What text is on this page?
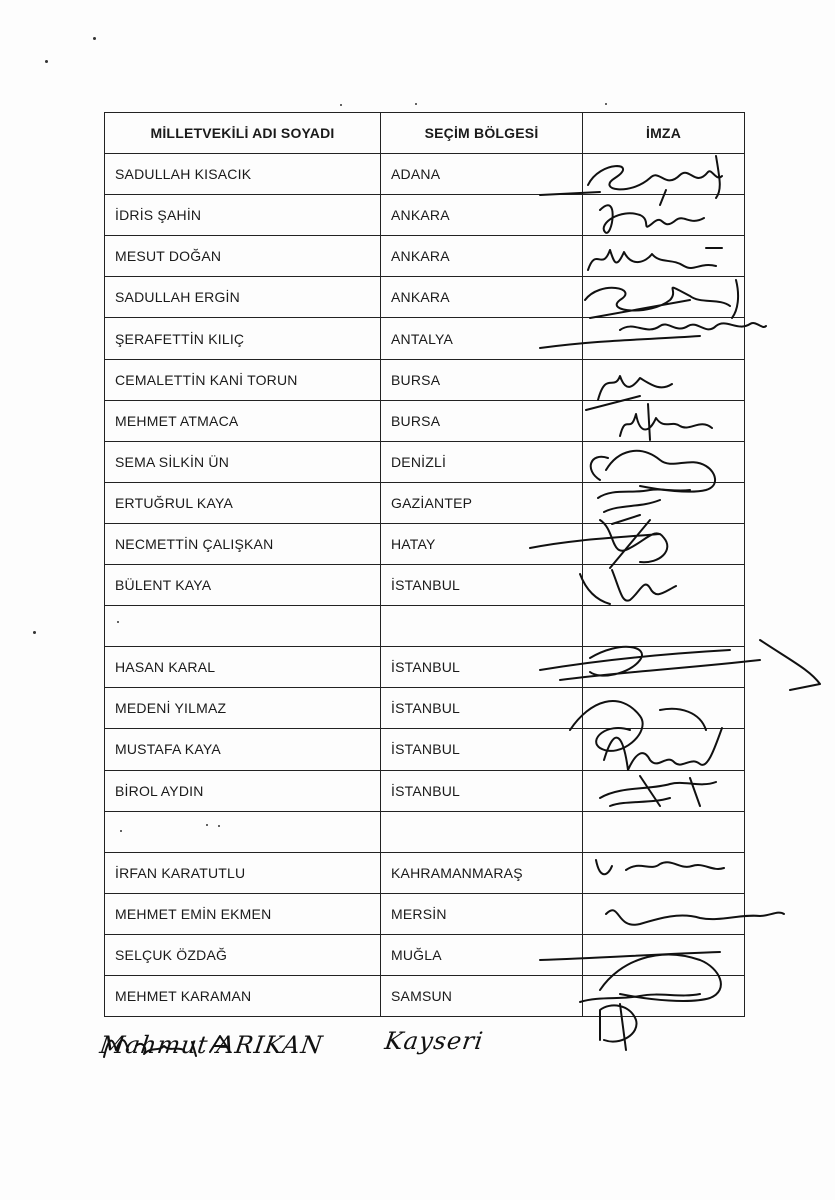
MİLLETVEKİLİ ADI SOYADI	SEÇİM BÖLGESİ	İMZA
SADULLAH KISACIK	ADANA	
İDRİS ŞAHİN	ANKARA	
MESUT DOĞAN	ANKARA	
SADULLAH ERGİN	ANKARA	
ŞERAFETTİN KILIÇ	ANTALYA	
CEMALETTİN KANİ TORUN	BURSA	
MEHMET ATMACA	BURSA	
SEMA SİLKİN ÜN	DENİZLİ	
ERTUĞRUL KAYA	GAZİANTEP	
NECMETTİN ÇALIŞKAN	HATAY	
BÜLENT KAYA	İSTANBUL	

HASAN KARAL	İSTANBUL	
MEDENİ YILMAZ	İSTANBUL	
MUSTAFA KAYA	İSTANBUL	
BİROL AYDIN	İSTANBUL	

İRFAN KARATUTLU	KAHRAMANMARAŞ	
MEHMET EMİN EKMEN	MERSİN	
SELÇUK ÖZDAĞ	MUĞLA	
MEHMET KARAMAN	SAMSUN	
Mahmut ARIKAN Kayseri
